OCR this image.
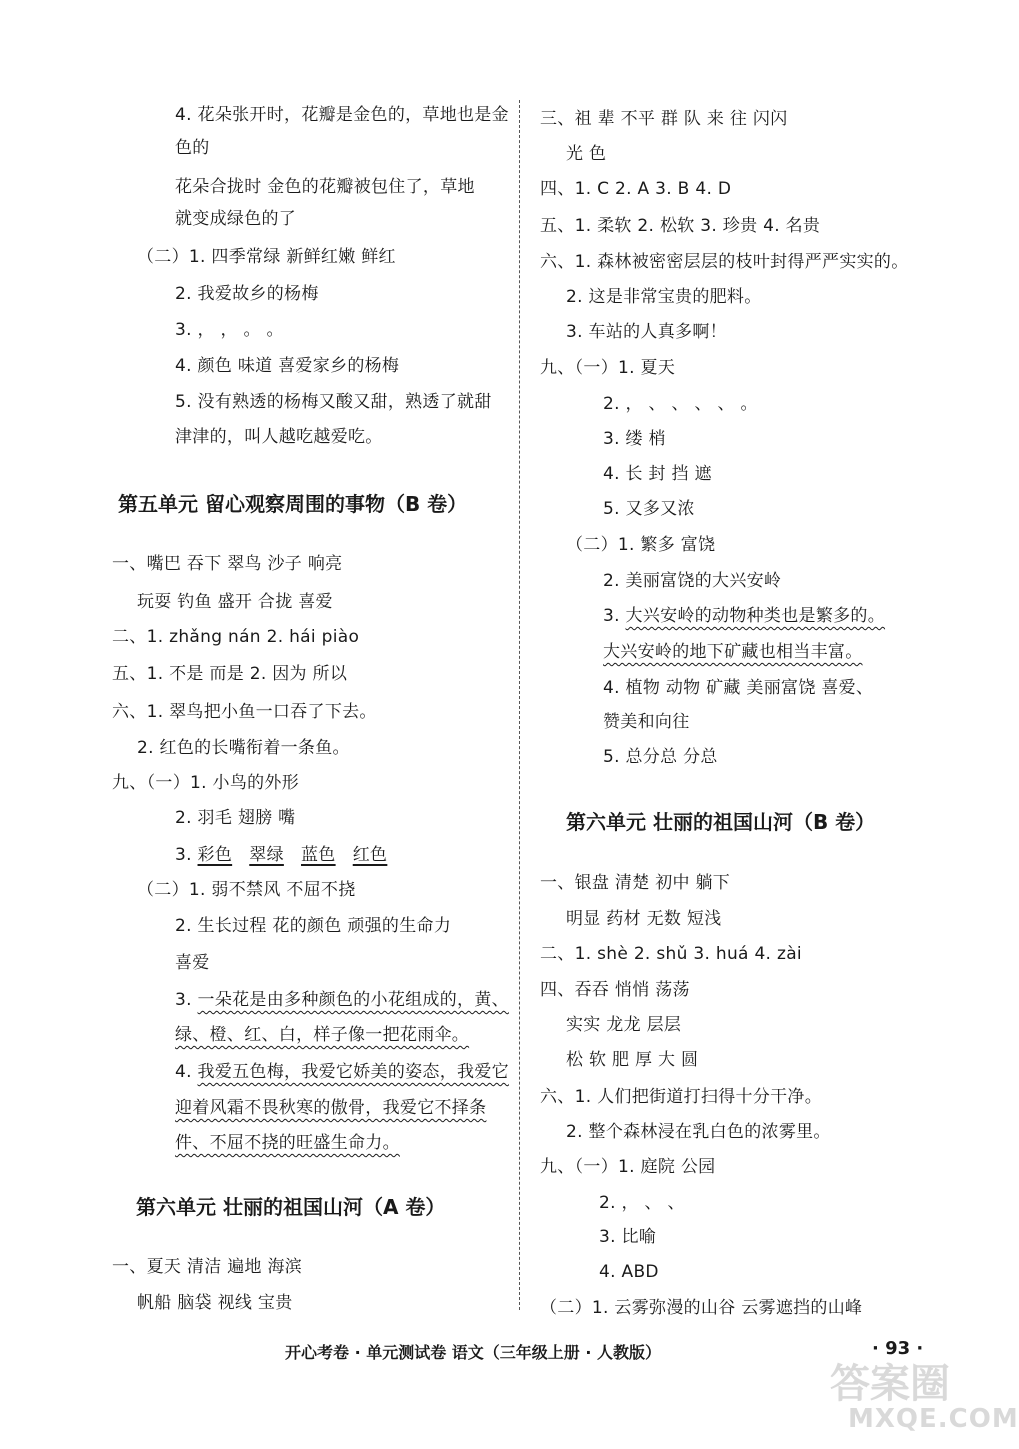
4. 花朵张开时，花瓣是金色的，草地也是金
色的
花朵合拢时 金色的花瓣被包住了，草地
就变成绿色的了
（二）1. 四季常绿 新鲜红嫩 鲜红
2. 我爱故乡的杨梅
3. ， ， 。 。
4. 颜色 味道 喜爱家乡的杨梅
5. 没有熟透的杨梅又酸又甜，熟透了就甜
津津的，叫人越吃越爱吃。
第五单元 留心观察周围的事物（B 卷）
一、嘴巴 吞下 翠鸟 沙子 响亮
玩耍 钓鱼 盛开 合拢 喜爱
二、1. zhǎng nán 2. hái piào
五、1. 不是 而是 2. 因为 所以
六、1. 翠鸟把小鱼一口吞了下去。
2. 红色的长嘴衔着一条鱼。
九、（一）1. 小鸟的外形
2. 羽毛 翅膀 嘴
3. 彩色 翠绿 蓝色 红色
（二）1. 弱不禁风 不屈不挠
2. 生长过程 花的颜色 顽强的生命力
喜爱
3. 一朵花是由多种颜色的小花组成的，黄、
绿、橙、红、白，样子像一把花雨伞。
4. 我爱五色梅，我爱它娇美的姿态，我爱它
迎着风霜不畏秋寒的傲骨，我爱它不择条
件、不屈不挠的旺盛生命力。
第六单元 壮丽的祖国山河（A 卷）
一、夏天 清洁 遍地 海滨
帆船 脑袋 视线 宝贵
三、祖 辈 不平 群 队 来 往 闪闪
光 色
四、1. C 2. A 3. B 4. D
五、1. 柔软 2. 松软 3. 珍贵 4. 名贵
六、1. 森林被密密层层的枝叶封得严严实实的。
2. 这是非常宝贵的肥料。
3. 车站的人真多啊！
九、（一）1. 夏天
2. ， 、 、 、 、 。
3. 缕 梢
4. 长 封 挡 遮
5. 又多又浓
（二）1. 繁多 富饶
2. 美丽富饶的大兴安岭
3. 大兴安岭的动物种类也是繁多的。
大兴安岭的地下矿藏也相当丰富。
4. 植物 动物 矿藏 美丽富饶 喜爱、
赞美和向往
5. 总分总 分总
第六单元 壮丽的祖国山河（B 卷）
一、银盘 清楚 初中 躺下
明显 药材 无数 短浅
二、1. shè 2. shǔ 3. huá 4. zài
四、吞吞 悄悄 荡荡
实实 龙龙 层层
松 软 肥 厚 大 圆
六、1. 人们把街道打扫得十分干净。
2. 整个森林浸在乳白色的浓雾里。
九、（一）1. 庭院 公园
2. ， 、 、
3. 比喻
4. ABD
（二）1. 云雾弥漫的山谷 云雾遮挡的山峰
开心考卷 · 单元测试卷 语文（三年级上册 · 人教版）	· 93 ·
答案圈
MXQE.COM
